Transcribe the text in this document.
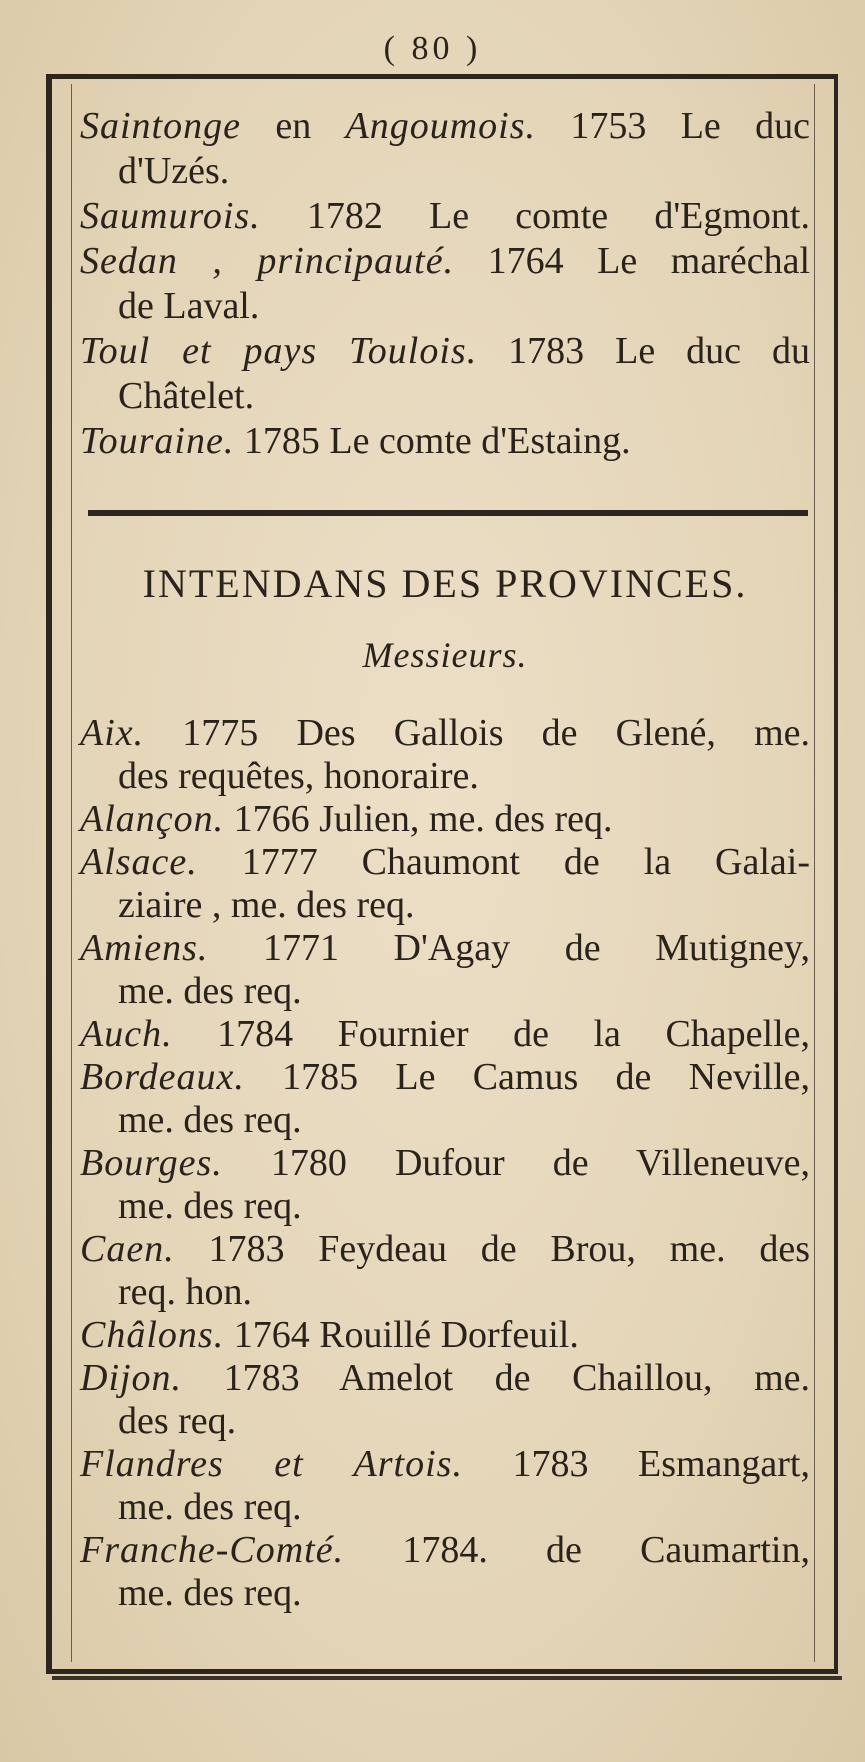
( 80 )
Saintonge en Angoumois. 1753 Le duc
d'Uzés.
Saumurois. 1782 Le comte d'Egmont.
Sedan , principauté. 1764 Le maréchal
de Laval.
Toul et pays Toulois. 1783 Le duc du
Châtelet.
Touraine. 1785 Le comte d'Estaing.
INTENDANS DES PROVINCES.
Messieurs.
Aix. 1775 Des Gallois de Glené, me.
des requêtes, honoraire.
Alançon. 1766 Julien, me. des req.
Alsace. 1777 Chaumont de la Galai-
ziaire , me. des req.
Amiens. 1771 D'Agay de Mutigney,
me. des req.
Auch. 1784 Fournier de la Chapelle,
Bordeaux. 1785 Le Camus de Neville,
me. des req.
Bourges. 1780 Dufour de Villeneuve,
me. des req.
Caen. 1783 Feydeau de Brou, me. des
req. hon.
Châlons. 1764 Rouillé Dorfeuil.
Dijon. 1783 Amelot de Chaillou, me.
des req.
Flandres et Artois. 1783 Esmangart,
me. des req.
Franche-Comté. 1784. de Caumartin,
me. des req.
